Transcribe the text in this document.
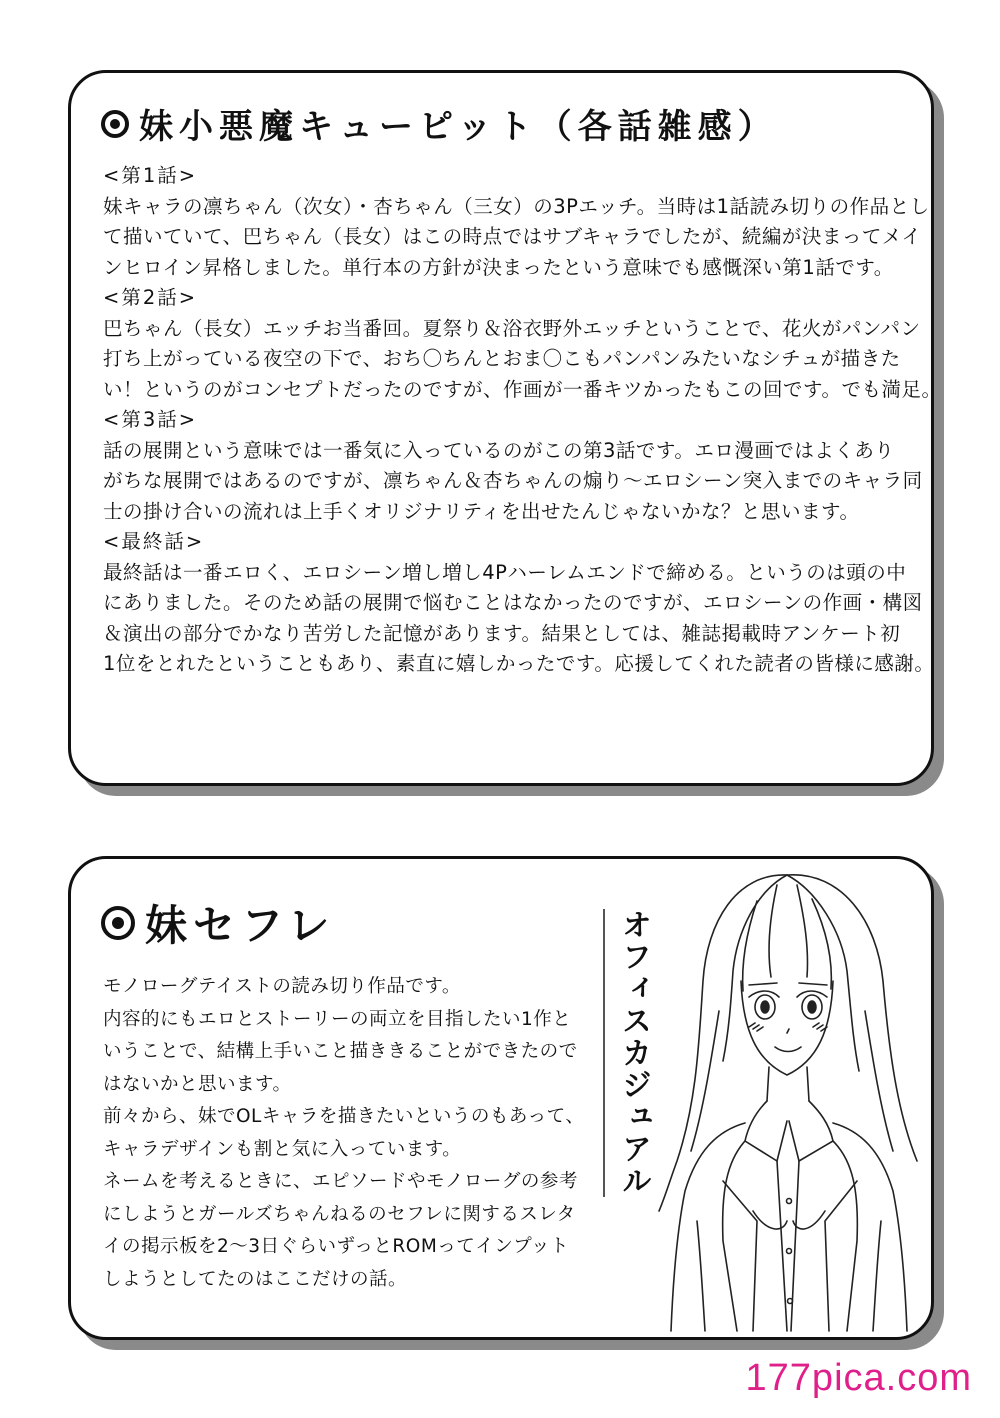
妹小悪魔キューピット（各話雑感）

<第1話>

妹キャラの凛ちゃん（次女）・杏ちゃん（三女）の3Pエッチ。当時は1話読み切りの作品とし

て描いていて、巴ちゃん（長女）はこの時点ではサブキャラでしたが、続編が決まってメイ

ンヒロイン昇格しました。単行本の方針が決まったという意味でも感慨深い第1話です。

<第2話>

巴ちゃん（長女）エッチお当番回。夏祭り＆浴衣野外エッチということで、花火がパンパン

打ち上がっている夜空の下で、おち〇ちんとおま〇こもパンパンみたいなシチュが描きた

い！というのがコンセプトだったのですが、作画が一番キツかったもこの回です。でも満足。

<第3話>

話の展開という意味では一番気に入っているのがこの第3話です。エロ漫画ではよくあり

がちな展開ではあるのですが、凛ちゃん＆杏ちゃんの煽り〜エロシーン突入までのキャラ同

士の掛け合いの流れは上手くオリジナリティを出せたんじゃないかな？と思います。

<最終話>

最終話は一番エロく、エロシーン増し増し4Pハーレムエンドで締める。というのは頭の中

にありました。そのため話の展開で悩むことはなかったのですが、エロシーンの作画・構図

＆演出の部分でかなり苦労した記憶があります。結果としては、雑誌掲載時アンケート初

1位をとれたということもあり、素直に嬉しかったです。応援してくれた読者の皆様に感謝。

妹セフレ

モノローグテイストの読み切り作品です。

内容的にもエロとストーリーの両立を目指したい1作と

いうことで、結構上手いこと描ききることができたので

はないかと思います。

前々から、妹でOLキャラを描きたいというのもあって、

キャラデザインも割と気に入っています。

ネームを考えるときに、エピソードやモノローグの参考

にしようとガールズちゃんねるのセフレに関するスレタ

イの掲示板を2〜3日ぐらいずっとROMってインプット

しようとしてたのはここだけの話。

オフィスカジュアル
177pica.com
